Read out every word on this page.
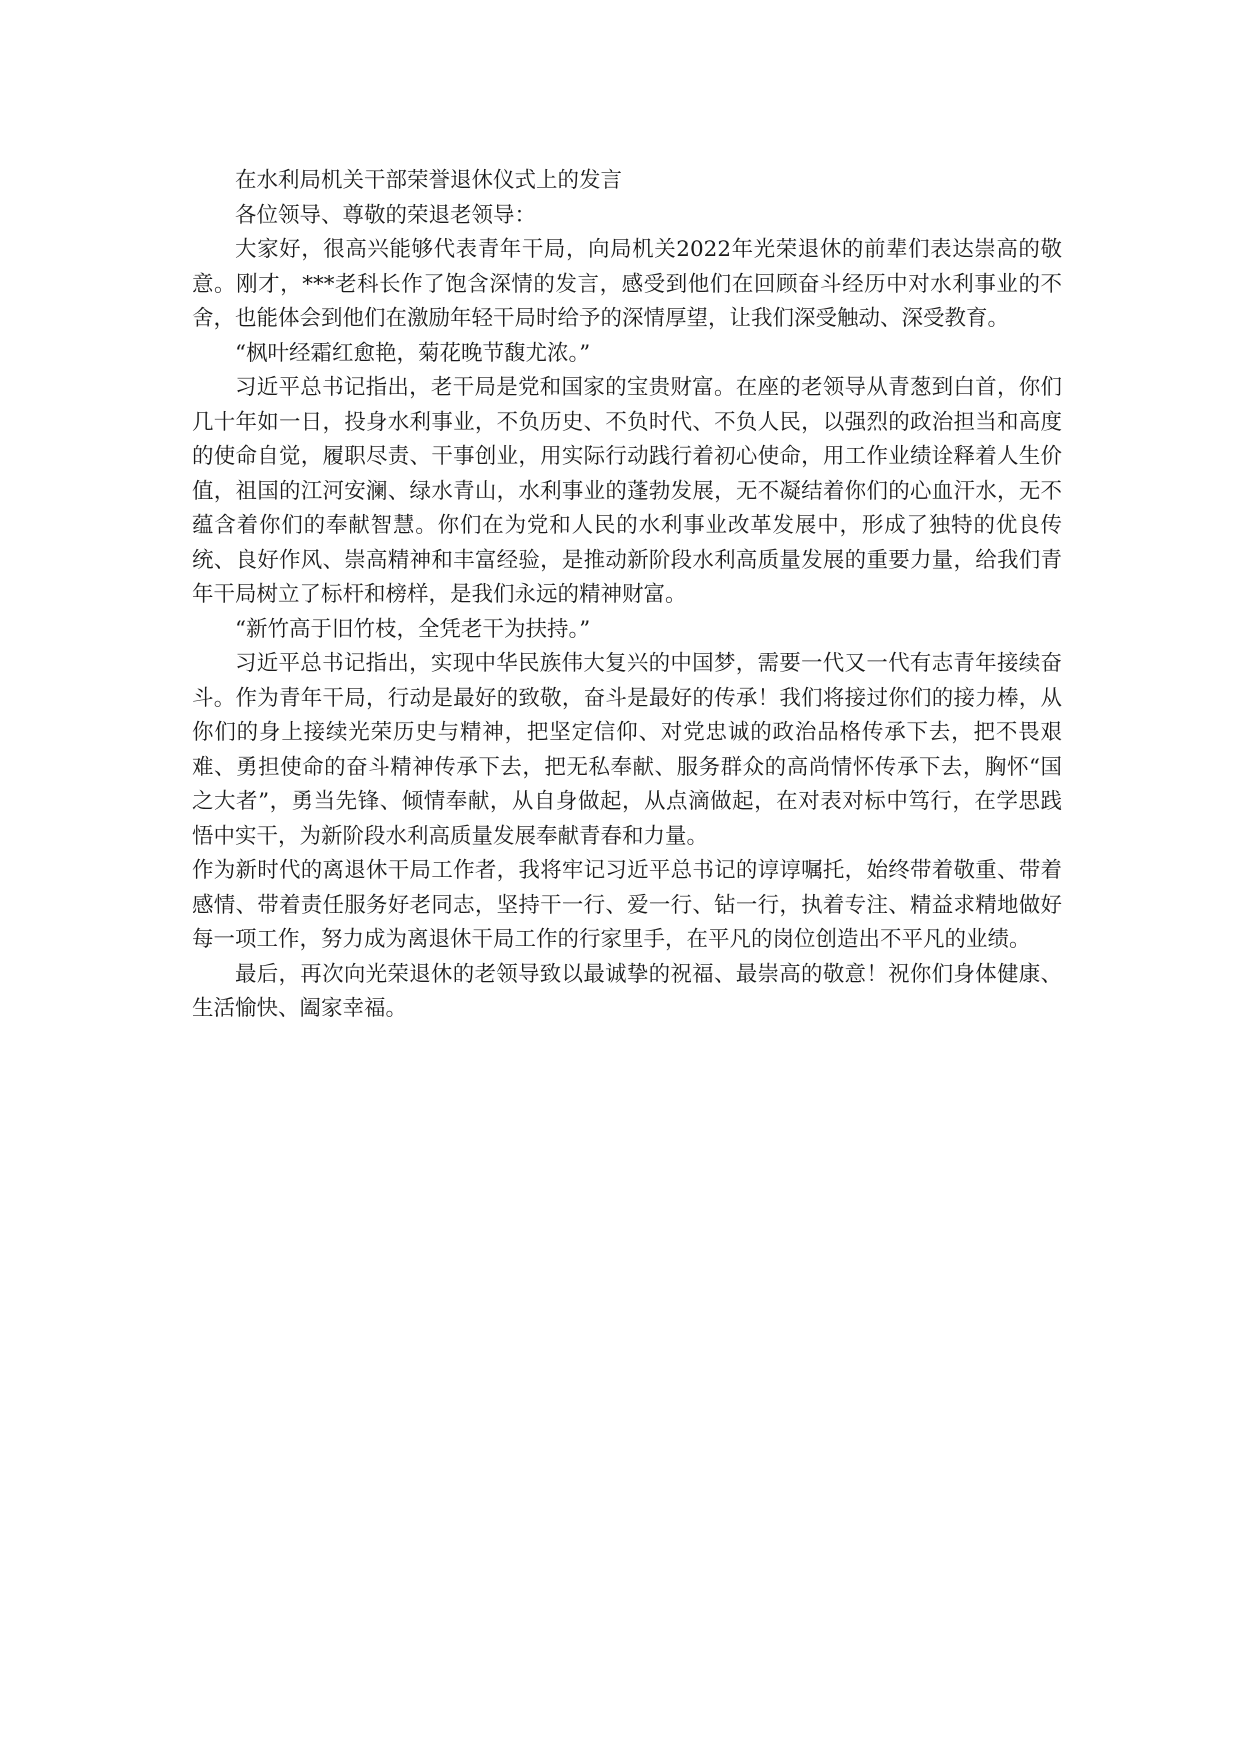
在水利局机关干部荣誉退休仪式上的发言

各位领导、尊敬的荣退老领导：

大家好，很高兴能够代表青年干局，向局机关2022年光荣退休的前辈们表达崇高的敬意。刚才，***老科长作了饱含深情的发言，感受到他们在回顾奋斗经历中对水利事业的不舍，也能体会到他们在激励年轻干局时给予的深情厚望，让我们深受触动、深受教育。

“枫叶经霜红愈艳，菊花晚节馥尤浓。”

习近平总书记指出，老干局是党和国家的宝贵财富。在座的老领导从青葱到白首，你们几十年如一日，投身水利事业，不负历史、不负时代、不负人民，以强烈的政治担当和高度的使命自觉，履职尽责、干事创业，用实际行动践行着初心使命，用工作业绩诠释着人生价值，祖国的江河安澜、绿水青山，水利事业的蓬勃发展，无不凝结着你们的心血汗水，无不蕴含着你们的奉献智慧。你们在为党和人民的水利事业改革发展中，形成了独特的优良传统、良好作风、崇高精神和丰富经验，是推动新阶段水利高质量发展的重要力量，给我们青年干局树立了标杆和榜样，是我们永远的精神财富。

“新竹高于旧竹枝，全凭老干为扶持。”

习近平总书记指出，实现中华民族伟大复兴的中国梦，需要一代又一代有志青年接续奋斗。作为青年干局，行动是最好的致敬，奋斗是最好的传承！我们将接过你们的接力棒，从你们的身上接续光荣历史与精神，把坚定信仰、对党忠诚的政治品格传承下去，把不畏艰难、勇担使命的奋斗精神传承下去，把无私奉献、服务群众的高尚情怀传承下去，胸怀“国之大者”，勇当先锋、倾情奉献，从自身做起，从点滴做起，在对表对标中笃行，在学思践悟中实干，为新阶段水利高质量发展奉献青春和力量。

作为新时代的离退休干局工作者，我将牢记习近平总书记的谆谆嘱托，始终带着敬重、带着感情、带着责任服务好老同志，坚持干一行、爱一行、钻一行，执着专注、精益求精地做好每一项工作，努力成为离退休干局工作的行家里手，在平凡的岗位创造出不平凡的业绩。

最后，再次向光荣退休的老领导致以最诚挚的祝福、最崇高的敬意！祝你们身体健康、生活愉快、阖家幸福。
